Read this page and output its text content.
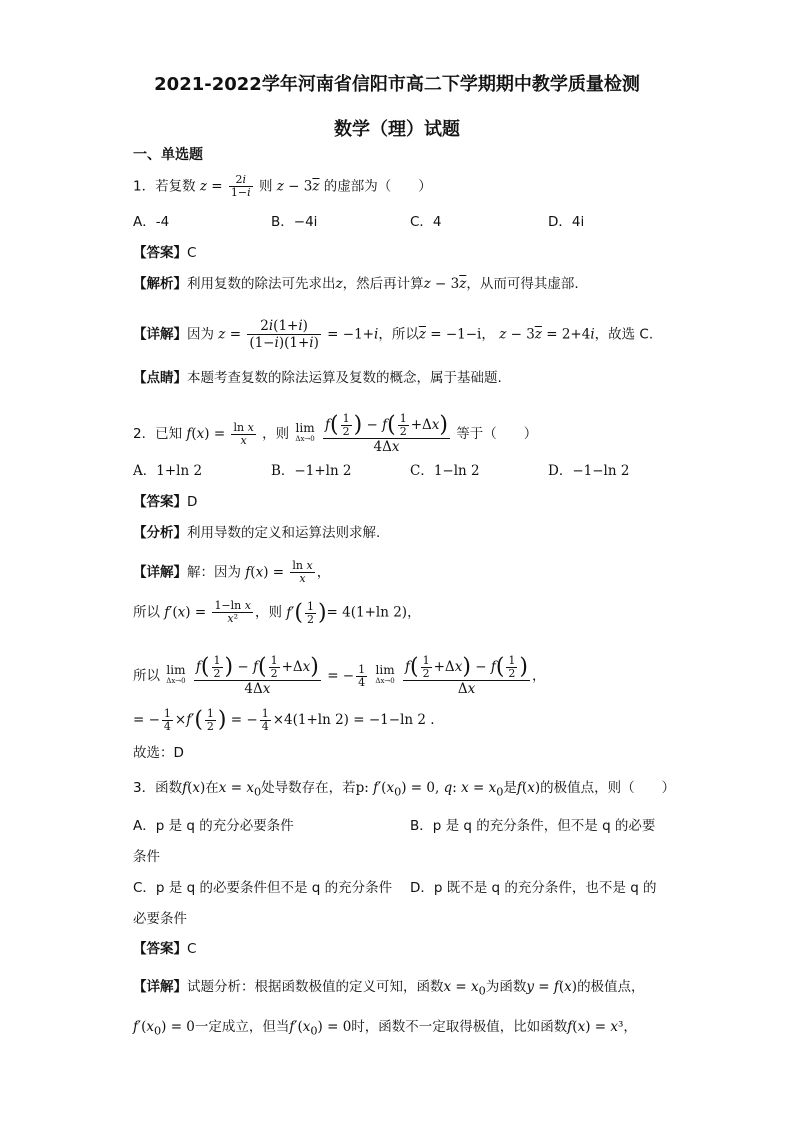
2021-2022学年河南省信阳市高二下学期期中教学质量检测
数学（理）试题
一、单选题
1．若复数 $z = \frac{2i}{1-i}$ 则 $z - 3\overline{z}$ 的虚部为（　　）
A．-4	B．−4i	C．4	D．4i
【答案】C
【解析】利用复数的除法可先求出z，然后再计算$z - 3\overline{z}$，从而可得其虚部.
【详解】因为 $z = \frac{2i(1+i)}{(1-i)(1+i)} = -1+i$，所以$\overline{z} = -1-i$， $z - 3\overline{z} = 2+4i$，故选 C.
【点睛】本题考查复数的除法运算及复数的概念，属于基础题.
2．已知 $f(x) = \frac{\text{ln x}}{x}$ ，则 lim
Δx→0
$\frac{f( \frac{1}{2} ) - f( \frac{1}{2} +\Delta x)}{4\Delta x}$ 等于（　　）
A．1+ln 2	B．−1+ln 2	C．1−ln 2	D．−1−ln 2
【答案】D
【分析】利用导数的定义和运算法则求解.
【详解】解：因为 $f(x) = \frac{\text{ln x}}{x}$ ，
所以 $f'(x) = \frac{\text{1−ln x}}{\text{x²}}$ ，则 $f'( \frac{1}{2}$ )= 4(1+ln 2)，
所以 lim
Δx→0
$\frac{f( \frac{1}{2} ) - f( \frac{1}{2} +\Delta x)}{4\Delta x}$ = − $\frac{1}{4}$
lim
Δx→0
$\frac{f( \frac{1}{2} +\Delta x) - f( \frac{1}{2} )}{\Delta x}$ ，
= − $\frac{1}{4} \times f'( \frac{1}{2}$ ) = − $\frac{1}{4} \times 4(1+\ln$ 2) = −1−ln 2 .
故选：D
3．函数f(x)在$x = x_0$处导数存在，若p: $f'(x_0) = 0$, q: $x = x_0$是f(x)的极值点，则（　　）
A．p 是 q 的充分必要条件	B．p 是 q 的充分条件，但不是 q 的必要
条件
C．p 是 q 的必要条件但不是 q 的充分条件 D．p 既不是 q 的充分条件，也不是 q 的
必要条件
【答案】C
【详解】试题分析：根据函数极值的定义可知，函数$x = x_0$为函数y = f(x)的极值点，
$f'(x_0) = 0$一定成立，但当$f'(x_0) = 0$时，函数不一定取得极值，比如函数f(x) = x³，
